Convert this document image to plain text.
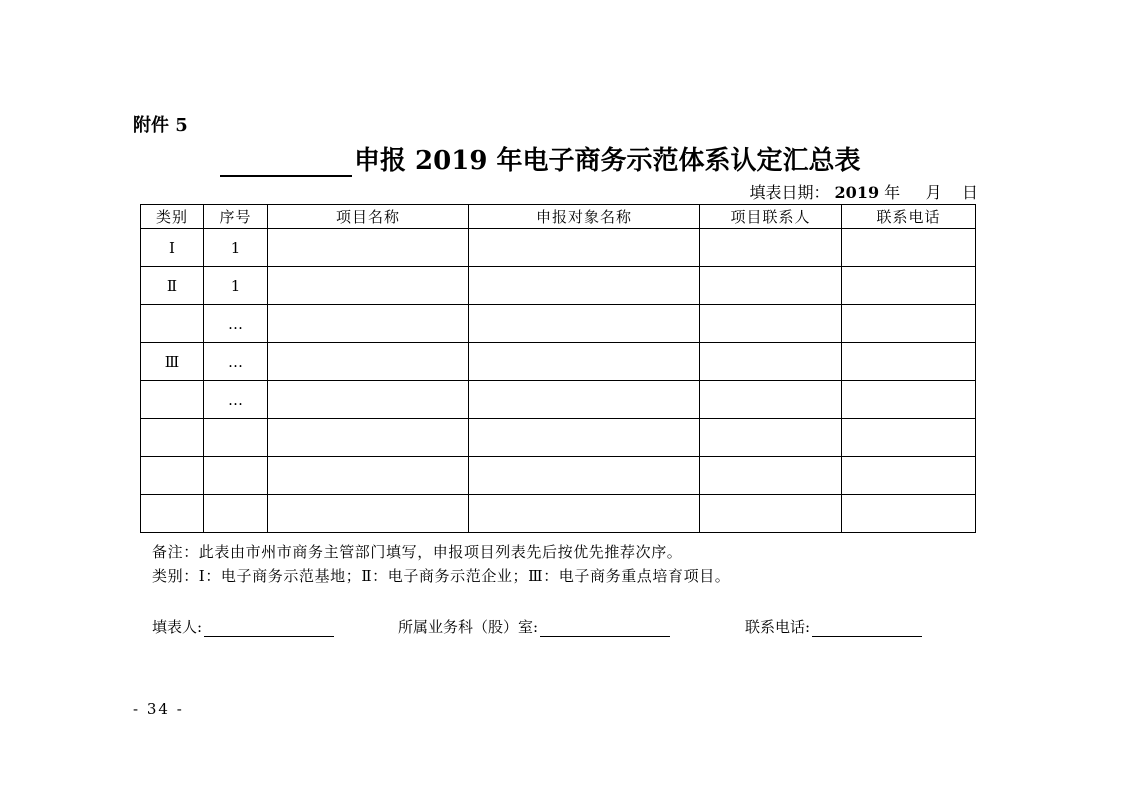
附件 5
申报 2019 年电子商务示范体系认定汇总表
填表日期： 2019 年 月 日
类别	序号	项目名称	申报对象名称	项目联系人	联系电话
Ⅰ	1				
Ⅱ	1				
	…				
Ⅲ	…				
	…				

备注：此表由市州市商务主管部门填写，申报项目列表先后按优先推荐次序。
类别：Ⅰ：电子商务示范基地；Ⅱ：电子商务示范企业；Ⅲ：电子商务重点培育项目。
填表人:	所属业务科（股）室:	联系电话:
- 34 -
